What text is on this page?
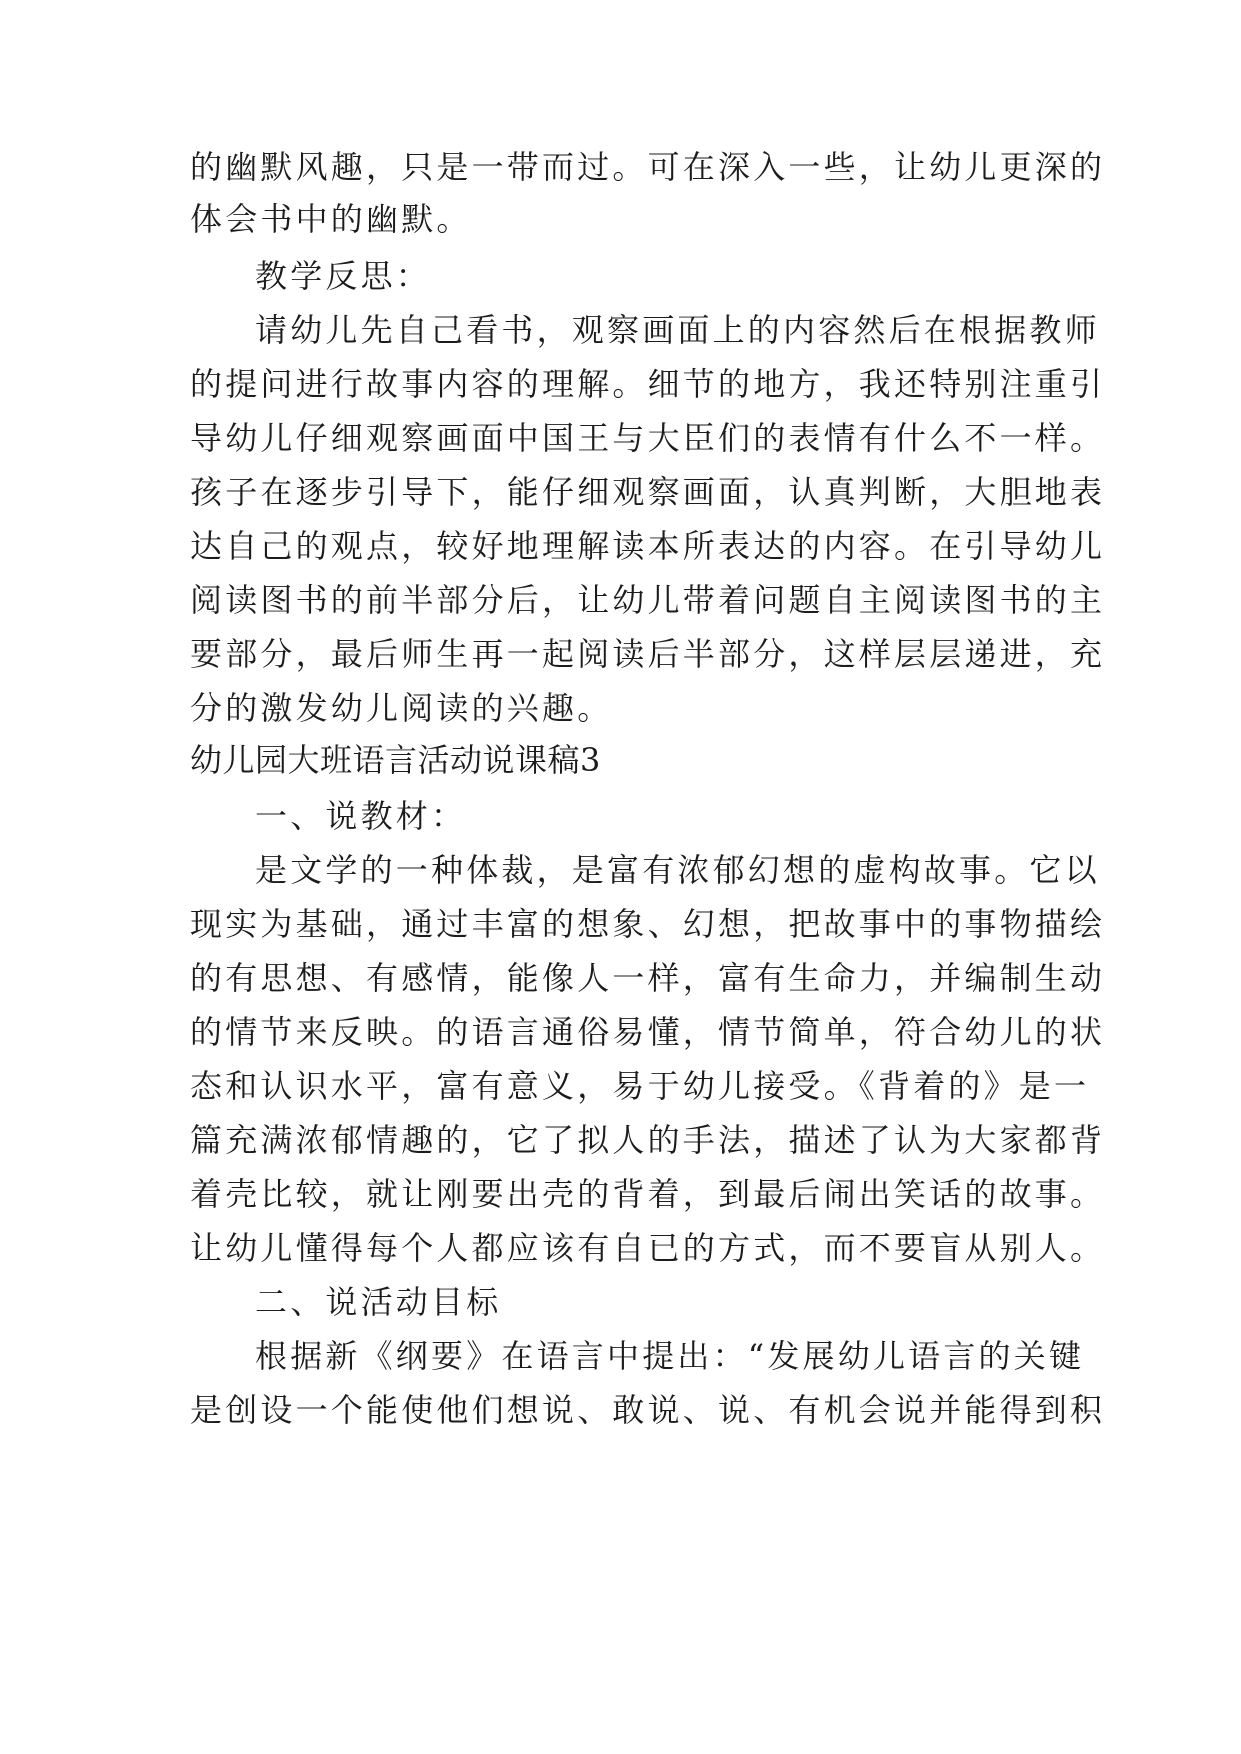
的幽默风趣，只是一带而过。可在深入一些，让幼儿更深的
体会书中的幽默。
教学反思：
请幼儿先自己看书，观察画面上的内容然后在根据教师
的提问进行故事内容的理解。细节的地方，我还特别注重引
导幼儿仔细观察画面中国王与大臣们的表情有什么不一样。
孩子在逐步引导下，能仔细观察画面，认真判断，大胆地表
达自己的观点，较好地理解读本所表达的内容。在引导幼儿
阅读图书的前半部分后，让幼儿带着问题自主阅读图书的主
要部分，最后师生再一起阅读后半部分，这样层层递进，充
分的激发幼儿阅读的兴趣。
幼儿园大班语言活动说课稿3
一、说教材：
是文学的一种体裁，是富有浓郁幻想的虚构故事。它以
现实为基础，通过丰富的想象、幻想，把故事中的事物描绘
的有思想、有感情，能像人一样，富有生命力，并编制生动
的情节来反映。的语言通俗易懂，情节简单，符合幼儿的状
态和认识水平，富有意义，易于幼儿接受。《背着的》是一
篇充满浓郁情趣的，它了拟人的手法，描述了认为大家都背
着壳比较，就让刚要出壳的背着，到最后闹出笑话的故事。
让幼儿懂得每个人都应该有自已的方式，而不要盲从别人。
二、说活动目标
根据新《纲要》在语言中提出：“发展幼儿语言的关键
是创设一个能使他们想说、敢说、说、有机会说并能得到积
